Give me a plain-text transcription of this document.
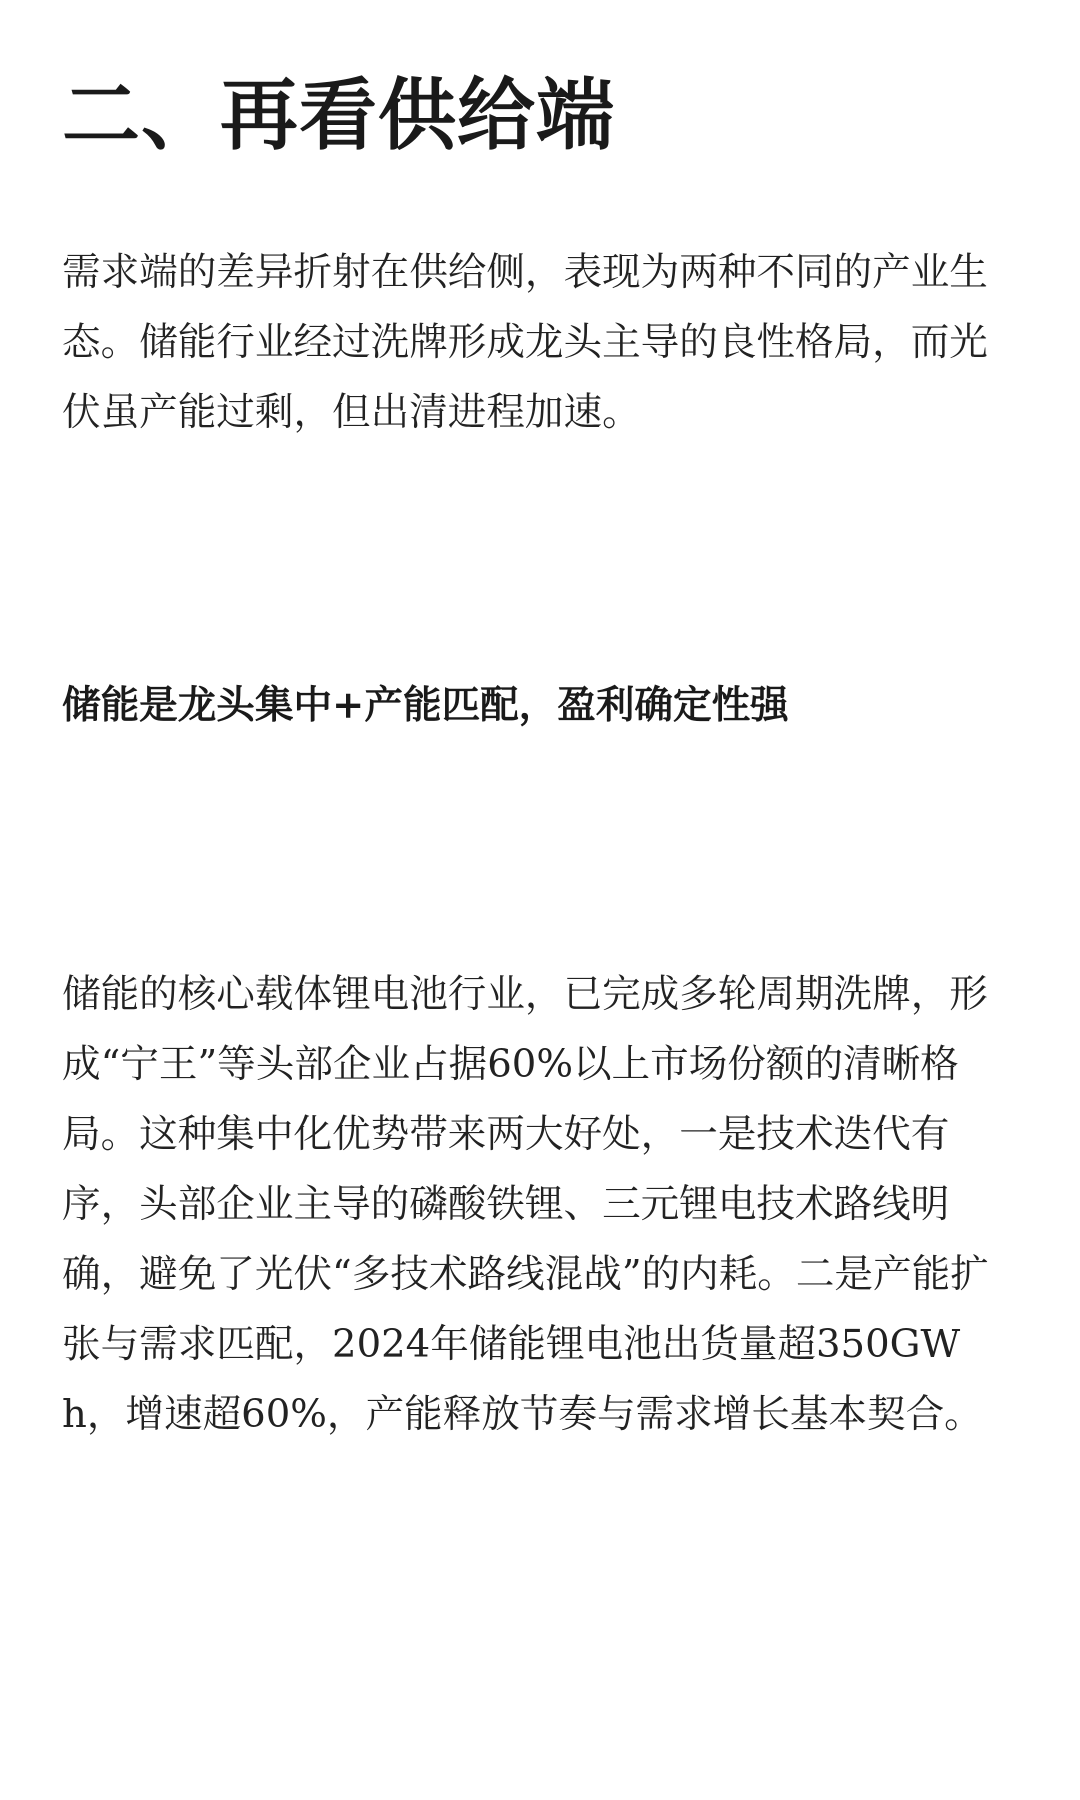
二、再看供给端

需求端的差异折射在供给侧，表现为两种不同的产业生态。储能行业经过洗牌形成龙头主导的良性格局，而光伏虽产能过剩，但出清进程加速。

储能是龙头集中+产能匹配，盈利确定性强

储能的核心载体锂电池行业，已完成多轮周期洗牌，形成“宁王”等头部企业占据60%以上市场份额的清晰格局。这种集中化优势带来两大好处，一是技术迭代有序，头部企业主导的磷酸铁锂、三元锂电技术路线明确，避免了光伏“多技术路线混战”的内耗。二是产能扩张与需求匹配，2024年储能锂电池出货量超350GWh，增速超60%，产能释放节奏与需求增长基本契合。
